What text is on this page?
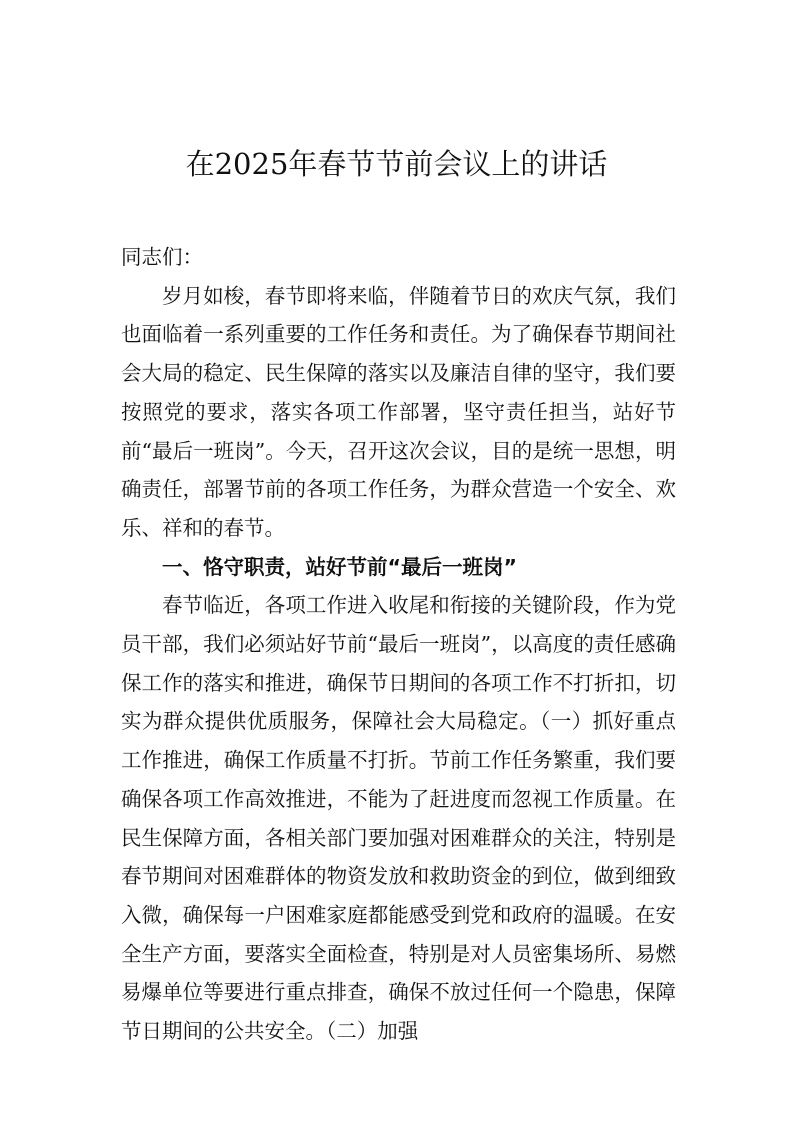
在2025年春节节前会议上的讲话

同志们：

岁月如梭，春节即将来临，伴随着节日的欢庆气氛，我们也面临着一系列重要的工作任务和责任。为了确保春节期间社会大局的稳定、民生保障的落实以及廉洁自律的坚守，我们要按照党的要求，落实各项工作部署，坚守责任担当，站好节前“最后一班岗”。今天，召开这次会议，目的是统一思想，明确责任，部署节前的各项工作任务，为群众营造一个安全、欢乐、祥和的春节。

一、恪守职责，站好节前“最后一班岗”

春节临近，各项工作进入收尾和衔接的关键阶段，作为党员干部，我们必须站好节前“最后一班岗”，以高度的责任感确保工作的落实和推进，确保节日期间的各项工作不打折扣，切实为群众提供优质服务，保障社会大局稳定。（一）抓好重点工作推进，确保工作质量不打折。节前工作任务繁重，我们要确保各项工作高效推进，不能为了赶进度而忽视工作质量。在民生保障方面，各相关部门要加强对困难群众的关注，特别是春节期间对困难群体的物资发放和救助资金的到位，做到细致入微，确保每一户困难家庭都能感受到党和政府的温暖。在安全生产方面，要落实全面检查，特别是对人员密集场所、易燃易爆单位等要进行重点排查，确保不放过任何一个隐患，保障节日期间的公共安全。（二）加强
